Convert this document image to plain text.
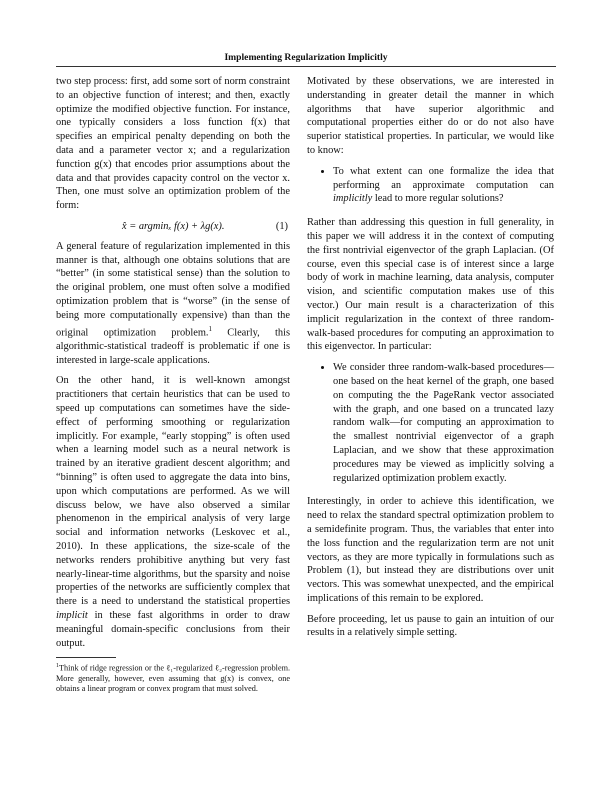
Implementing Regularization Implicitly

two step process: first, add some sort of norm constraint to an objective function of interest; and then, exactly optimize the modified objective function. For instance, one typically considers a loss function f(x) that specifies an empirical penalty depending on both the data and a parameter vector x; and a regularization function g(x) that encodes prior assumptions about the data and that provides capacity control on the vector x. Then, one must solve an optimization problem of the form:

x̂ = argminₓ f(x) + λg(x).	(1)

A general feature of regularization implemented in this manner is that, although one obtains solutions that are “better” (in some statistical sense) than the solution to the original problem, one must often solve a modified optimization problem that is “worse” (in the sense of being more computationally expensive) than than the original optimization problem.$^1$ Clearly, this algorithmic-statistical tradeoff is problematic if one is interested in large-scale applications.

On the other hand, it is well-known amongst practitioners that certain heuristics that can be used to speed up computations can sometimes have the side-effect of performing smoothing or regularization implicitly. For example, “early stopping” is often used when a learning model such as a neural network is trained by an iterative gradient descent algorithm; and “binning” is often used to aggregate the data into bins, upon which computations are performed. As we will discuss below, we have also observed a similar phenomenon in the empirical analysis of very large social and information networks (Leskovec et al., 2010). In these applications, the size-scale of the networks renders prohibitive anything but very fast nearly-linear-time algorithms, but the sparsity and noise properties of the networks are sufficiently complex that there is a need to understand the statistical properties implicit in these fast algorithms in order to draw meaningful domain-specific conclusions from their output.

$^1$Think of ridge regression or the ℓ₁-regularized ℓ₂-regression problem. More generally, however, even assuming that g(x) is convex, one obtains a linear program or convex program that must solved.

Motivated by these observations, we are interested in understanding in greater detail the manner in which algorithms that have superior algorithmic and computational properties either do or do not also have superior statistical properties. In particular, we would like to know:

• To what extent can one formalize the idea that performing an approximate computation can implicitly lead to more regular solutions?

Rather than addressing this question in full generality, in this paper we will address it in the context of computing the first nontrivial eigenvector of the graph Laplacian. (Of course, even this special case is of interest since a large body of work in machine learning, data analysis, computer vision, and scientific computation makes use of this vector.) Our main result is a characterization of this implicit regularization in the context of three random-walk-based procedures for computing an approximation to this eigenvector. In particular:

• We consider three random-walk-based procedures—one based on the heat kernel of the graph, one based on computing the the PageRank vector associated with the graph, and one based on a truncated lazy random walk—for computing an approximation to the smallest nontrivial eigenvector of a graph Laplacian, and we show that these approximation procedures may be viewed as implicitly solving a regularized optimization problem exactly.

Interestingly, in order to achieve this identification, we need to relax the standard spectral optimization problem to a semidefinite program. Thus, the variables that enter into the loss function and the regularization term are not unit vectors, as they are more typically in formulations such as Problem (1), but instead they are distributions over unit vectors. This was somewhat unexpected, and the empirical implications of this remain to be explored.

Before proceeding, let us pause to gain an intuition of our results in a relatively simple setting.
